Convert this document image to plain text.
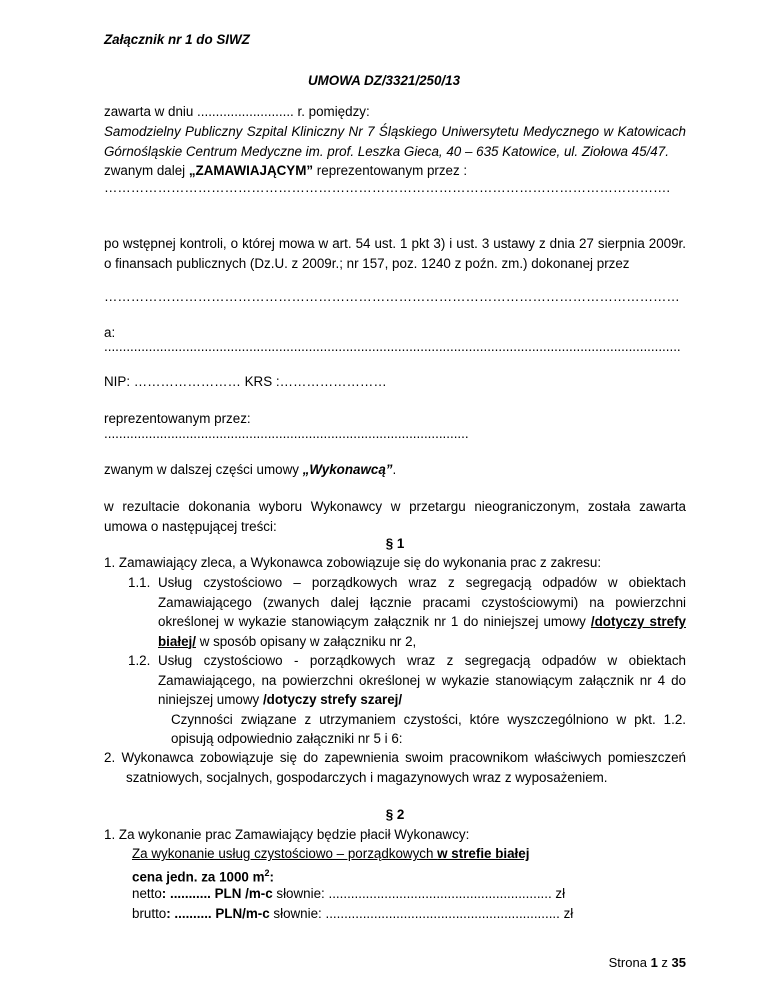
Załącznik nr 1 do SIWZ
UMOWA DZ/3321/250/13
zawarta w dniu .......................... r. pomiędzy:
Samodzielny Publiczny Szpital Kliniczny Nr 7 Śląskiego Uniwersytetu Medycznego w Katowicach Górnośląskie Centrum Medyczne im. prof. Leszka Gieca, 40 – 635 Katowice, ul. Ziołowa 45/47.
zwanym dalej „ZAMAWIAJĄCYM” reprezentowanym przez :
……………………………………………………………………………………………………………….
po wstępnej kontroli, o której mowa w art. 54 ust. 1 pkt 3) i ust. 3 ustawy z dnia 27 sierpnia 2009r. o finansach publicznych (Dz.U. z 2009r.; nr 157, poz. 1240 z poźn. zm.) dokonanej przez
…………………………………………………………………………………………………………………
a:
...........................................................................................................................................................
NIP: …………………… KRS :……………………
reprezentowanym przez:
..................................................................................................
zwanym w dalszej części umowy „Wykonawcą”.
w rezultacie dokonania wyboru Wykonawcy w przetargu nieograniczonym, została zawarta umowa o następującej treści:
§ 1
1. Zamawiający zleca, a Wykonawca zobowiązuje się do wykonania prac z zakresu:
1.1. Usług czystościowo – porządkowych wraz z segregacją odpadów w obiektach Zamawiającego (zwanych dalej łącznie pracami czystościowymi) na powierzchni określonej w wykazie stanowiącym załącznik nr 1 do niniejszej umowy /dotyczy strefy białej/ w sposób opisany w załączniku nr 2,
1.2. Usług czystościowo - porządkowych wraz z segregacją odpadów w obiektach Zamawiającego, na powierzchni określonej w wykazie stanowiącym załącznik nr 4 do niniejszej umowy /dotyczy strefy szarej/
Czynności związane z utrzymaniem czystości, które wyszczególniono w pkt. 1.2. opisują odpowiednio załączniki nr 5 i 6:
2. Wykonawca zobowiązuje się do zapewnienia swoim pracownikom właściwych pomieszczeń szatniowych, socjalnych, gospodarczych i magazynowych wraz z wyposażeniem.
§ 2
1. Za wykonanie prac Zamawiający będzie płacił Wykonawcy:
Za wykonanie usług czystościowo – porządkowych w strefie białej
cena jedn. za 1000 $m^2$:
netto: ........... PLN /m-c słownie: ............................................................ zł
brutto: .......... PLN/m-c słownie: ............................................................... zł
Strona 1 z 35
